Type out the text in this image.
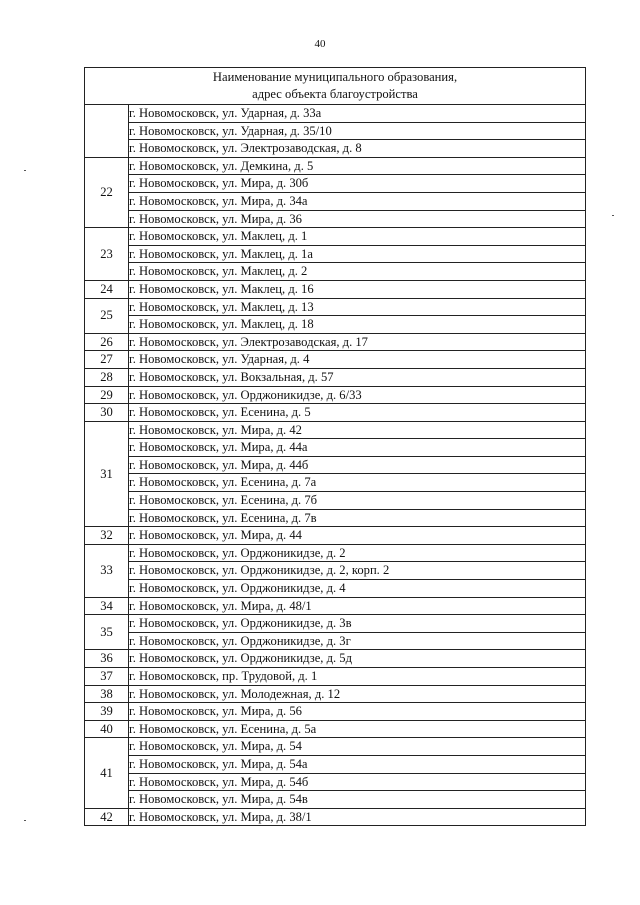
40
Наименование муниципального образования,
адрес объекта благоустройства	

	г. Новомосковск, ул. Ударная, д. 33а
	г. Новомосковск, ул. Ударная, д. 35/10
	г. Новомосковск, ул. Электрозаводская, д. 8
22	г. Новомосковск, ул. Демкина, д. 5
	г. Новомосковск, ул. Мира, д. 30б
	г. Новомосковск, ул. Мира, д. 34а
	г. Новомосковск, ул. Мира, д. 36
23	г. Новомосковск, ул. Маклец, д. 1
	г. Новомосковск, ул. Маклец, д. 1а
	г. Новомосковск, ул. Маклец, д. 2
24	г. Новомосковск, ул. Маклец, д. 16
25	г. Новомосковск, ул. Маклец, д. 13
	г. Новомосковск, ул. Маклец, д. 18
26	г. Новомосковск, ул. Электрозаводская, д. 17
27	г. Новомосковск, ул. Ударная, д. 4
28	г. Новомосковск, ул. Вокзальная, д. 57
29	г. Новомосковск, ул. Орджоникидзе, д. 6/33
30	г. Новомосковск, ул. Есенина, д. 5
31	г. Новомосковск, ул. Мира, д. 42
	г. Новомосковск, ул. Мира, д. 44а
	г. Новомосковск, ул. Мира, д. 44б
	г. Новомосковск, ул. Есенина, д. 7а
	г. Новомосковск, ул. Есенина, д. 7б
	г. Новомосковск, ул. Есенина, д. 7в
32	г. Новомосковск, ул. Мира, д. 44
33	г. Новомосковск, ул. Орджоникидзе, д. 2
	г. Новомосковск, ул. Орджоникидзе, д. 2, корп. 2
	г. Новомосковск, ул. Орджоникидзе, д. 4
34	г. Новомосковск, ул. Мира, д. 48/1
35	г. Новомосковск, ул. Орджоникидзе, д. 3в
	г. Новомосковск, ул. Орджоникидзе, д. 3г
36	г. Новомосковск, ул. Орджоникидзе, д. 5д
37	г. Новомосковск, пр. Трудовой, д. 1
38	г. Новомосковск, ул. Молодежная, д. 12
39	г. Новомосковск, ул. Мира, д. 56
40	г. Новомосковск, ул. Есенина, д. 5а
41	г. Новомосковск, ул. Мира, д. 54
	г. Новомосковск, ул. Мира, д. 54а
	г. Новомосковск, ул. Мира, д. 54б
	г. Новомосковск, ул. Мира, д. 54в
42	г. Новомосковск, ул. Мира, д. 38/1
